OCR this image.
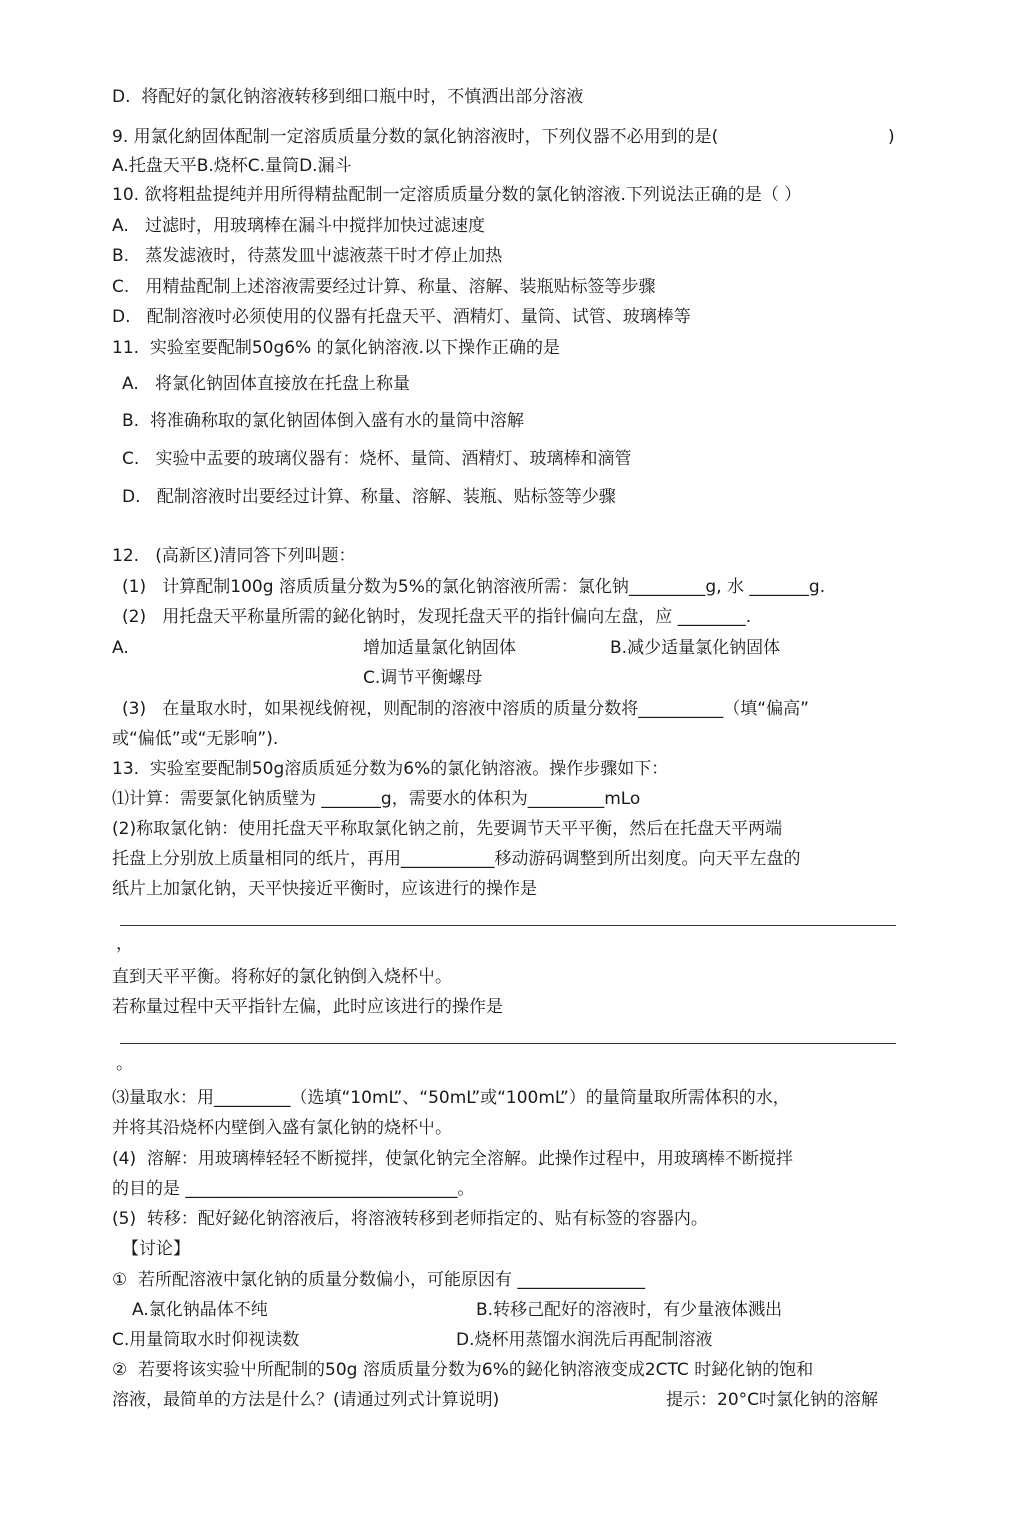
D.  将配好的氯化钠溶液转移到细口瓶中时，不慎洒出部分溶液
9. 用氯化納固体配制一定溶质质量分数的氯化钠溶液时，下列仪器不必用到的是(	)
A.托盘天平B.烧杯C.量筒D.漏斗
10. 欲将粗盐提纯并用所得精盐配制一定溶质质量分数的氯化钠溶液.下列说法正确的是（ ）
A.   过滤时，用玻璃棒在漏斗中搅拌加快过滤速度
B.   蒸发滤液时，待蒸发皿屮滤液蒸干时才停止加热
C.   用精盐配制上述溶液需要经过计算、称量、溶解、装瓶贴标签等步骤
D.   配制溶液吋必须使用的仪器有托盘天平、酒精灯、量筒、试管、玻璃棒等
11.  实验室要配制50g6% 的氯化钠溶液.以下操作正确的是
A.   将氯化钠固体直接放在托盘上称量
B.  将准确称取的氯化钠固体倒入盛有水的量筒中溶解
C.   实验中盂要的玻璃仪器有：烧杯、量筒、酒精灯、玻璃棒和滴管
D.   配制溶液时岀要经过计算、称量、溶解、装瓶、贴标签等少骤
12.   (高新区)清同答下列叫题：
(1)   计算配制100g 溶质质量分数为5%的氯化钠溶液所需：氯化钠_________g, 水 _______g.
(2)   用托盘天平称量所需的鉍化钠时，发现托盘天平的指针偏向左盘，应 ________.
A.	增加适量氯化钠固体	B.减少适量氯化钠固体
C.调节平衡螺母
(3)   在量取水时，如果视线俯视，则配制的溶液中溶质的质量分数将__________（填“偏高”
或“偏低”或“无影响”).
13.  实验室要配制50g溶质质延分数为6%的氯化钠溶液。操作步骤如下：
⑴计算：需要氯化钠质璧为 _______g，需要水的体积为_________mLo
(2)称取氯化钠：使用托盘天平称取氯化钠之前，先要调节天平平衡，然后在托盘天平两端
托盘上分别放上质量相同的纸片，再用___________移动游码调整到所岀刻度。向天平左盘的
纸片上加氯化钠，天平快接近平衡时，应该进行的操作是
，
直到天平平衡。将称好的氯化钠倒入烧杯屮。
若称量过程中天平指针左偏，此时应该进行的操作是
。
⑶量取水：用_________（选填“10mL”、“50mL”或“100mL”）的量筒量取所需体积的水，
并将其沿烧杯内壁倒入盛有氯化钠的烧杯屮。
(4)  溶解：用玻璃棒轻轻不断搅拌，使氯化钠完全溶解。此操作过程中，用玻璃棒不断搅拌
的目的是 ________________________________。
(5)  转移：配好鉍化钠溶液后，将溶液转移到老师指定的、贴有标签的容器内。
【讨论】
①  若所配溶液中氯化钠的质量分数偏小，可能原因有 _______________
A.氯化钠晶体不纯	B.转移己配好的溶液时，有少量液体溅出
C.用量筒取水时仰视读数	D.烧杯用蒸馏水润洗后再配制溶液
②  若要将该实验屮所配制的50g 溶质质量分数为6%的鉍化钠溶液变成2CTC 时鉍化钠的饱和
溶液，最简单的方法是什么？(请通过列式计算说明)	提示：20°C吋氯化钠的溶解
